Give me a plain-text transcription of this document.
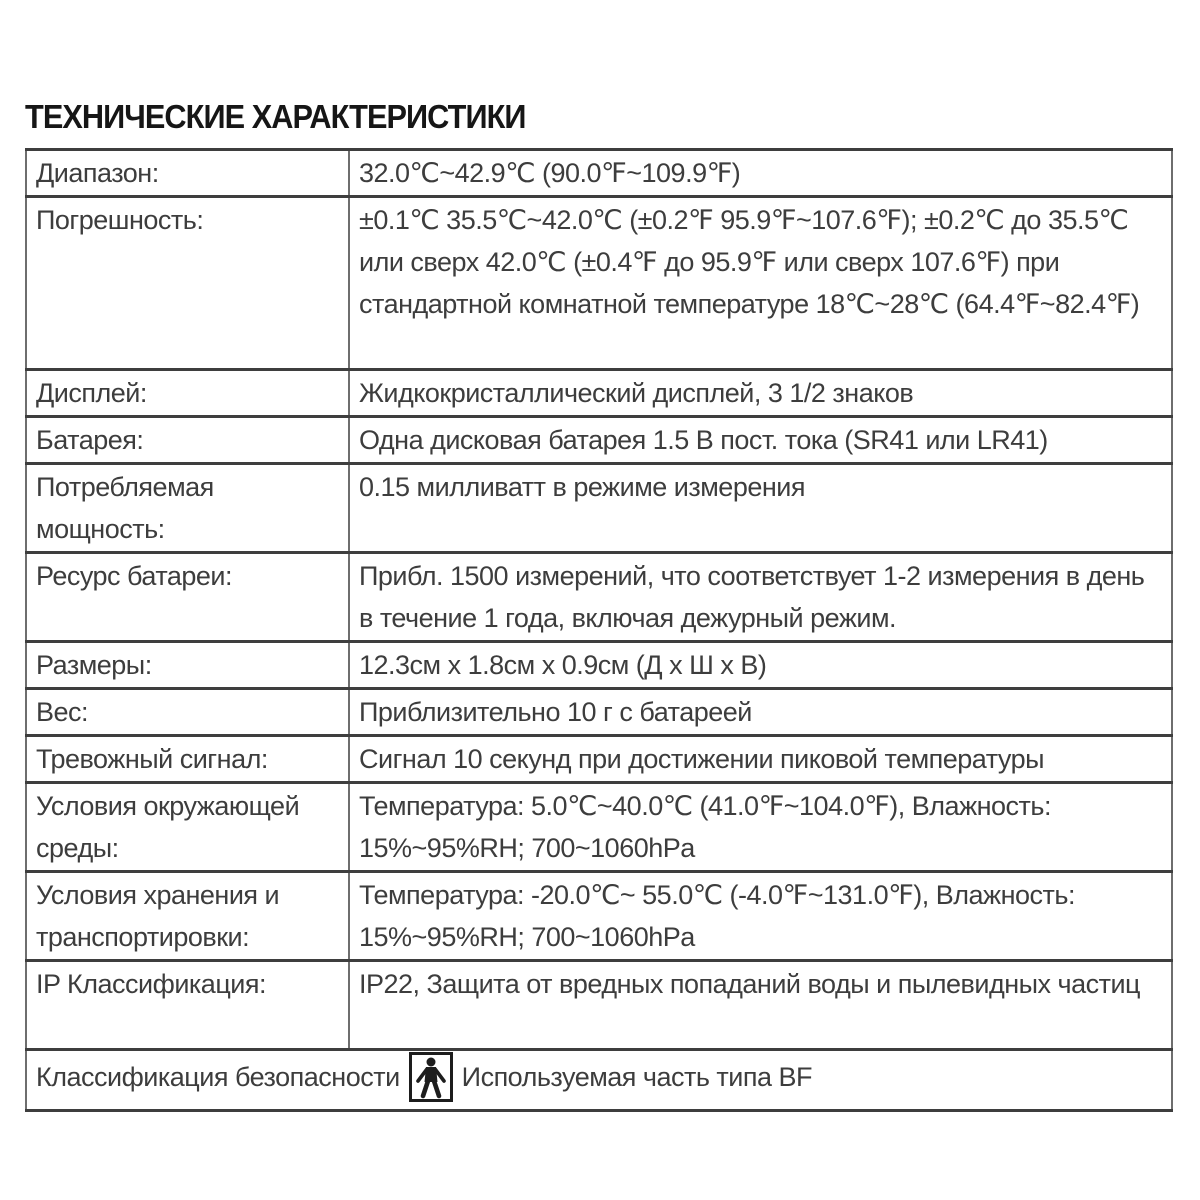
ТЕХНИЧЕСКИЕ ХАРАКТЕРИСТИКИ
Диапазон:	32.0℃~42.9℃ (90.0℉~109.9℉)
Погрешность:	±0.1℃ 35.5℃~42.0℃ (±0.2℉ 95.9℉~107.6℉); ±0.2℃ до 35.5℃ или сверх 42.0℃ (±0.4℉ до 95.9℉ или сверх 107.6℉) при стандартной комнатной температуре 18℃~28℃ (64.4℉~82.4℉)
Дисплей:	Жидкокристаллический дисплей, 3 1/2 знаков
Батарея:	Одна дисковая батарея 1.5 В пост. тока (SR41 или LR41)
Потребляемая мощность:	0.15 милливатт в режиме измерения
Ресурс батареи:	Прибл. 1500 измерений, что соответствует 1-2 измерения в день в течение 1 года, включая дежурный режим.
Размеры:	12.3см x 1.8см x 0.9см (Д x Ш x В)
Вес:	Приблизительно 10 г с батареей
Тревожный сигнал:	Сигнал 10 секунд при достижении пиковой температуры
Условия окружающей среды:	Температура: 5.0℃~40.0℃ (41.0℉~104.0℉), Влажность: 15%~95%RH; 700~1060hPa
Условия хранения и транспортировки:	Температура: -20.0℃~ 55.0℃ (-4.0℉~131.0℉), Влажность: 15%~95%RH; 700~1060hPa
IP Классификация:	IP22, Защита от вредных попаданий воды и пылевидных частиц

Классификация безопасности Используемая часть типа BF	
